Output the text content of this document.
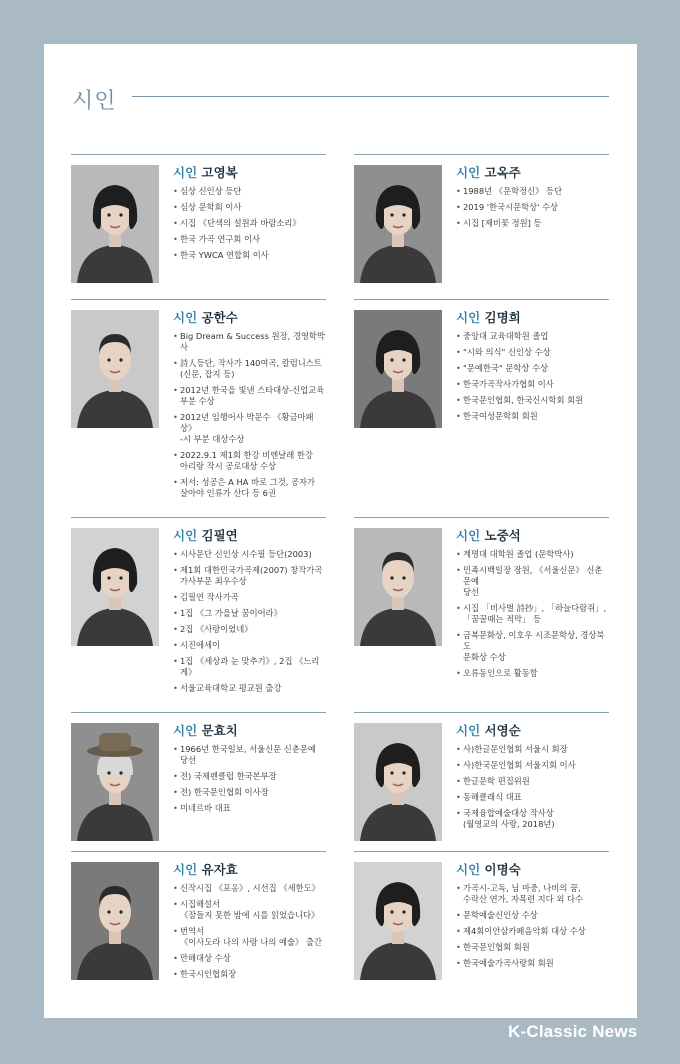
시인
시인 고영복
• 심상 신인상 등단
• 심상 문학회 이사
• 시집 《단색의 설원과 바람소리》
• 한국 가곡 연구회 이사
• 한국 YWCA 연합회 이사
시인 고옥주
• 1988년 《문학정신》 등단
• 2019 '한국시문학상' 수상
• 시집 [제비꽃 정원] 등
시인 공한수
• Big Dream & Success 원장, 경영학박사
• 詩人등단, 작사가 140여곡, 칼럼니스트
(신문, 잡지 등)
• 2012년 한국을 빛낸 스타대상-신업교육
부분 수상
• 2012년 임행어사 박문수 《황금마패 상》
-시 부분 대상수상
• 2022.9.1 제1회 한강 비엔날레 한강
아리랑 작시 공로대상 수상
• 저서: 성공은 A HA 바로 그것, 공자가
살아야 인류가 산다 등 6권
시인 김명희
• 중앙대 교육대학원 졸업
• "시와 의식" 신인상 수상
• "문예한국" 문학상 수상
• 한국가곡작사가협회 이사
• 한국문인협회, 한국신시학회 회원
• 한국여성문학회 회원
시인 김필연
• 시사문단 신인상 시수필 등단(2003)
• 제1회 대한민국가곡제(2007) 창작가곡
가사부문 최우수상
• 김필연 작사가곡
• 1집 《그 가을날 꿈이어라》
• 2집 《사랑이었네》
• 시진에세이
• 1집 《세상과 눈 맞추기》, 2집 《느리게》
• 서울교육대학교 평교원 출강
시인 노중석
• 계명대 대학원 졸업 (문학박사)
• 민족시백일장 장원, 《서울신문》 신춘문예
당선
• 시집 「비사벌 詩抄」, 「하늘다람쥐」,
「꿈꿀때는 적막」 등
• 금복문화상, 이호우 시조문학상, 경상북도
문화상 수상
• 오류동인으로 활동함
시인 문효치
• 1966년 한국일보, 서울신문 신춘문예 당선
• 전) 국제펜클럽 한국본부장
• 전) 한국문인협회 이사장
• 미네르바 대표
시인 서영순
• 사)한글문인협회 서울시 회장
• 사)한국문인협회 서울지회 이사
• 한글문학 편집위원
• 동해클래식 대표
• 국제융합예술대상 작사상
(월영교의 사랑, 2018년)
시인 유자효
• 신작시집 《포옹》, 시선집 《세한도》
• 시집해설서
《잠들지 못한 밤에 시를 읽었습니다》
• 번역서
《이사도라 나의 사랑 나의 예술》 출간
• 만해대상 수상
• 한국시인협회장
시인 이명숙
• 가곡시-고독, 님 마중, 나비의 꿈,
수락산 연가, 자목련 지다 외 다수
• 문학예술신인상 수상
• 제4회이안삼카페음악회 대상 수상
• 한국문인협회 회원
• 한국예술가곡사랑회 회원
K-Classic News
